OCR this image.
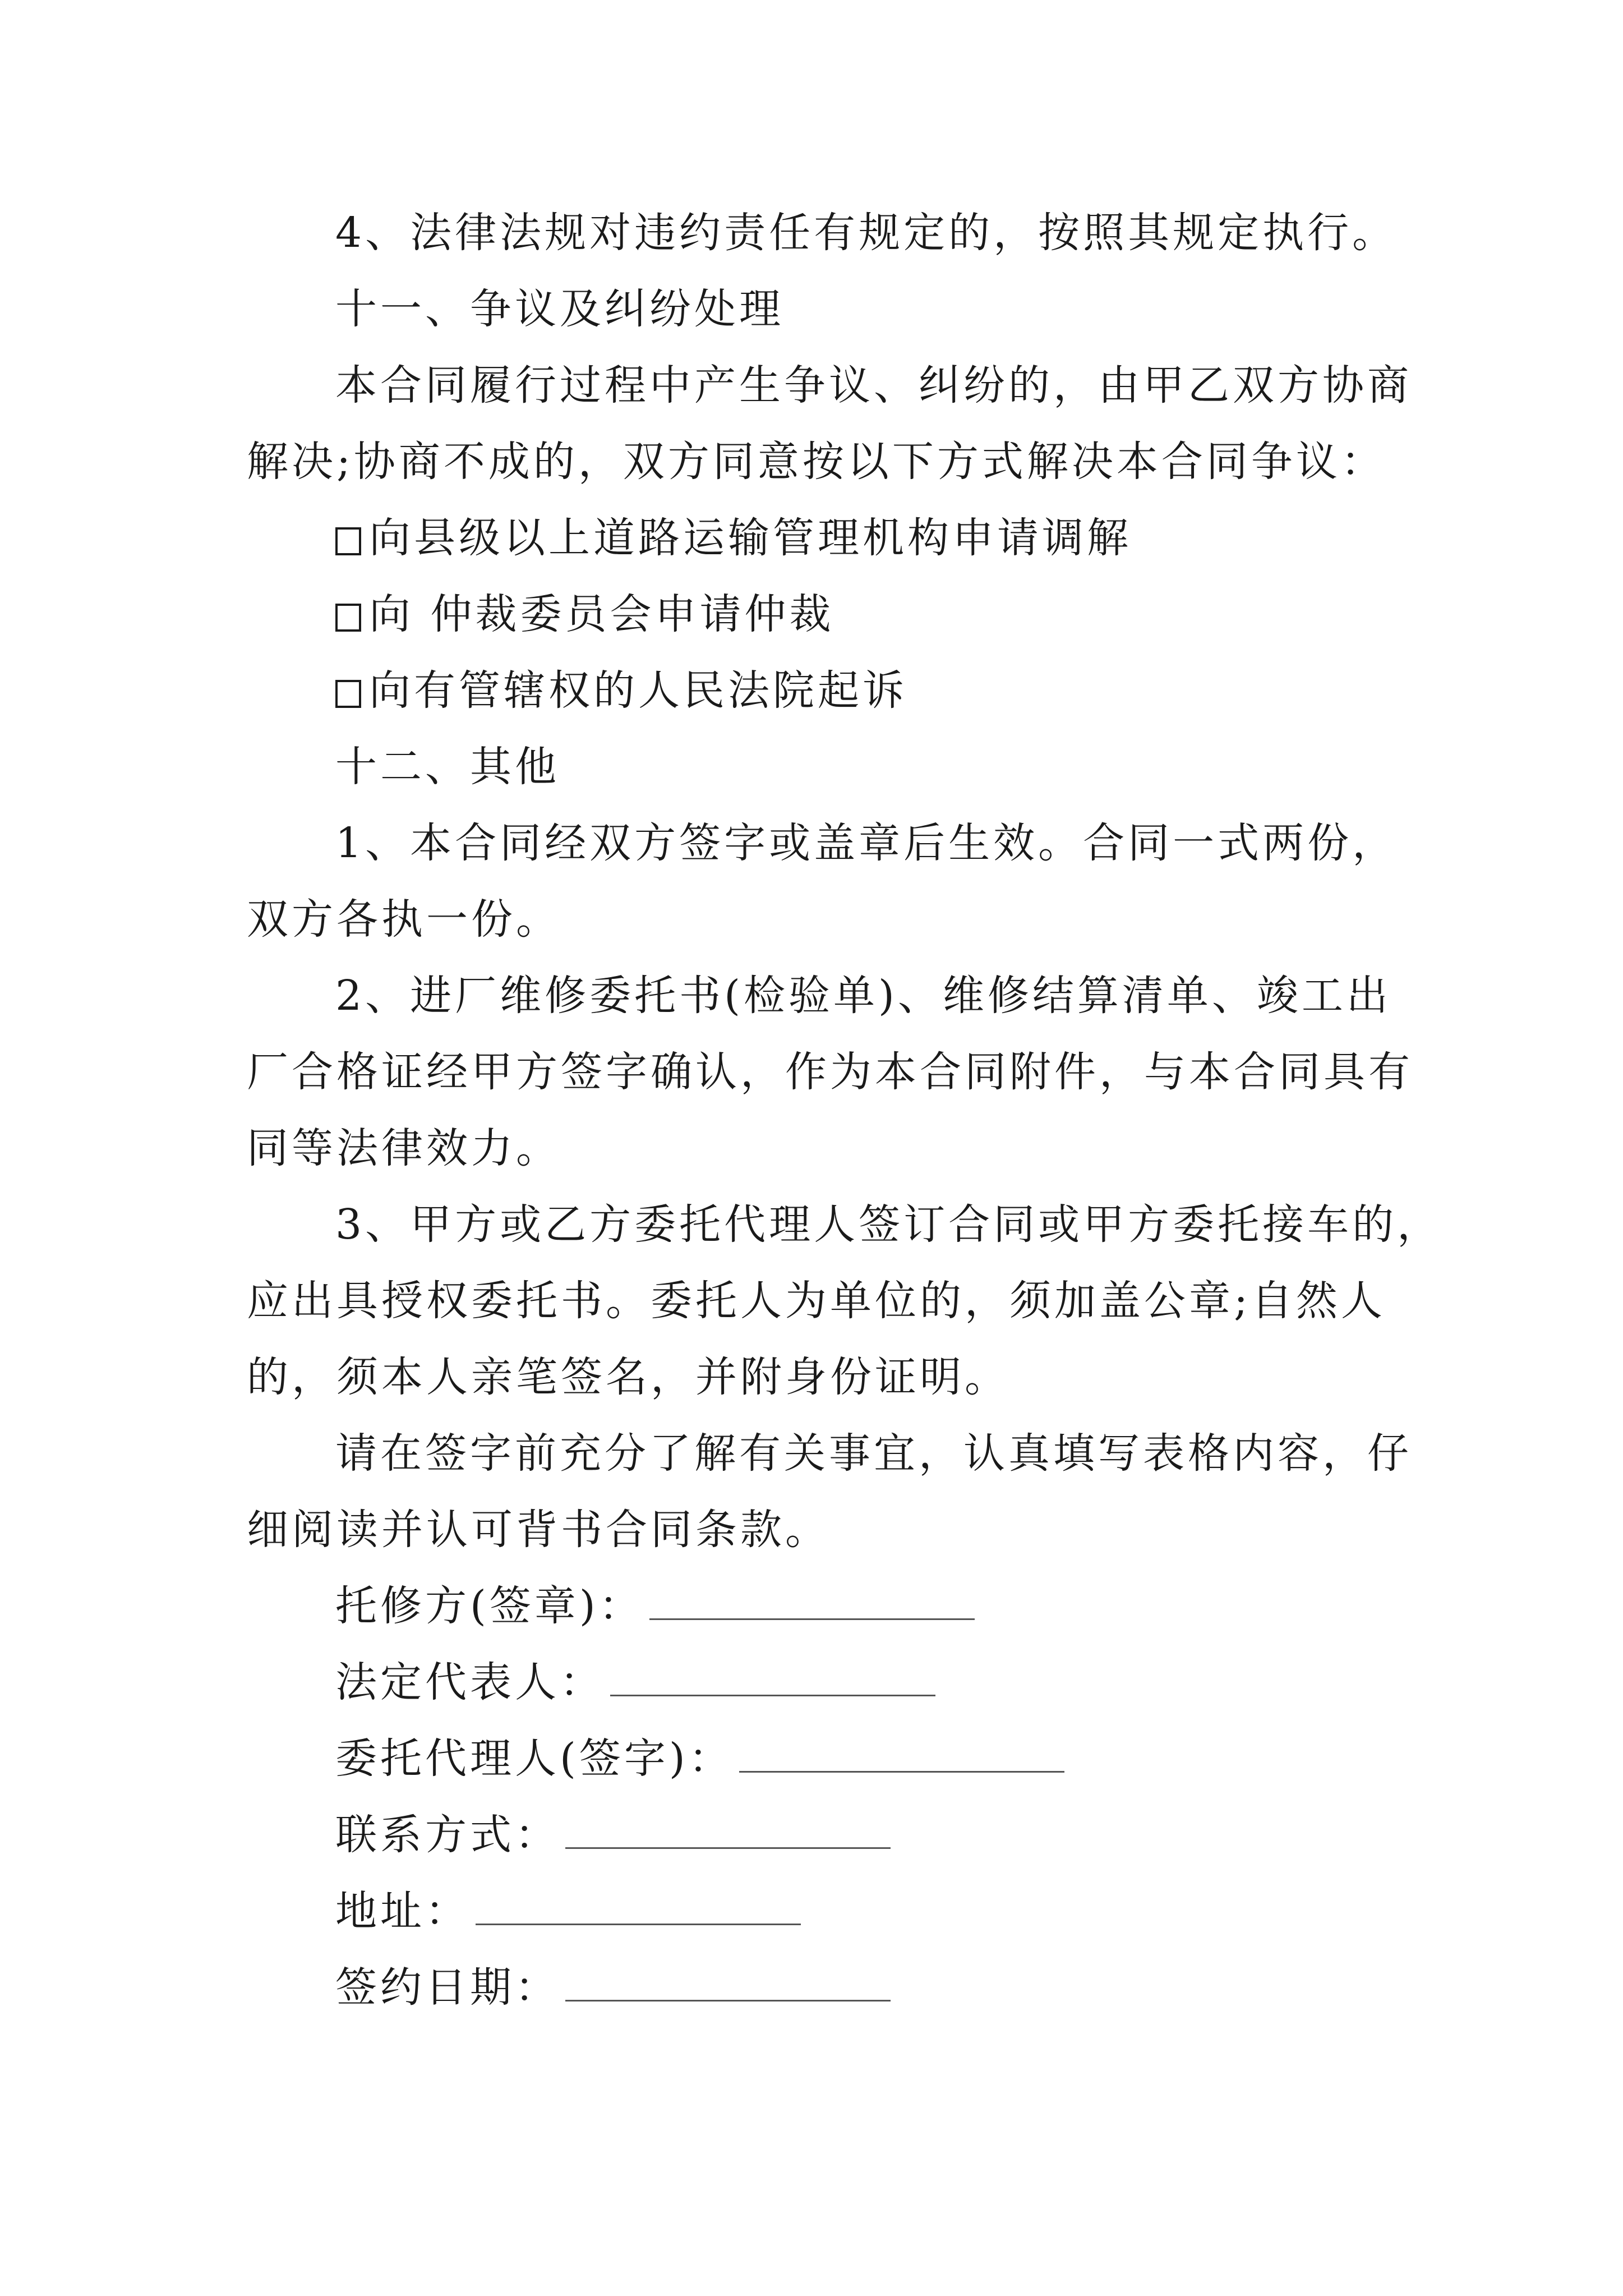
4、法律法规对违约责任有规定的，按照其规定执行。
十一、争议及纠纷处理
本合同履行过程中产生争议、纠纷的，由甲乙双方协商
解决;协商不成的，双方同意按以下方式解决本合同争议：
向县级以上道路运输管理机构申请调解
向 仲裁委员会申请仲裁
向有管辖权的人民法院起诉
十二、其他
1、本合同经双方签字或盖章后生效。合同一式两份，
双方各执一份。
2、进厂维修委托书(检验单)、维修结算清单、竣工出
厂合格证经甲方签字确认，作为本合同附件，与本合同具有
同等法律效力。
3、甲方或乙方委托代理人签订合同或甲方委托接车的，
应出具授权委托书。委托人为单位的，须加盖公章;自然人
的，须本人亲笔签名，并附身份证明。
请在签字前充分了解有关事宜，认真填写表格内容，仔
细阅读并认可背书合同条款。
托修方(签章)：
法定代表人：
委托代理人(签字)：
联系方式：
地址：
签约日期：
